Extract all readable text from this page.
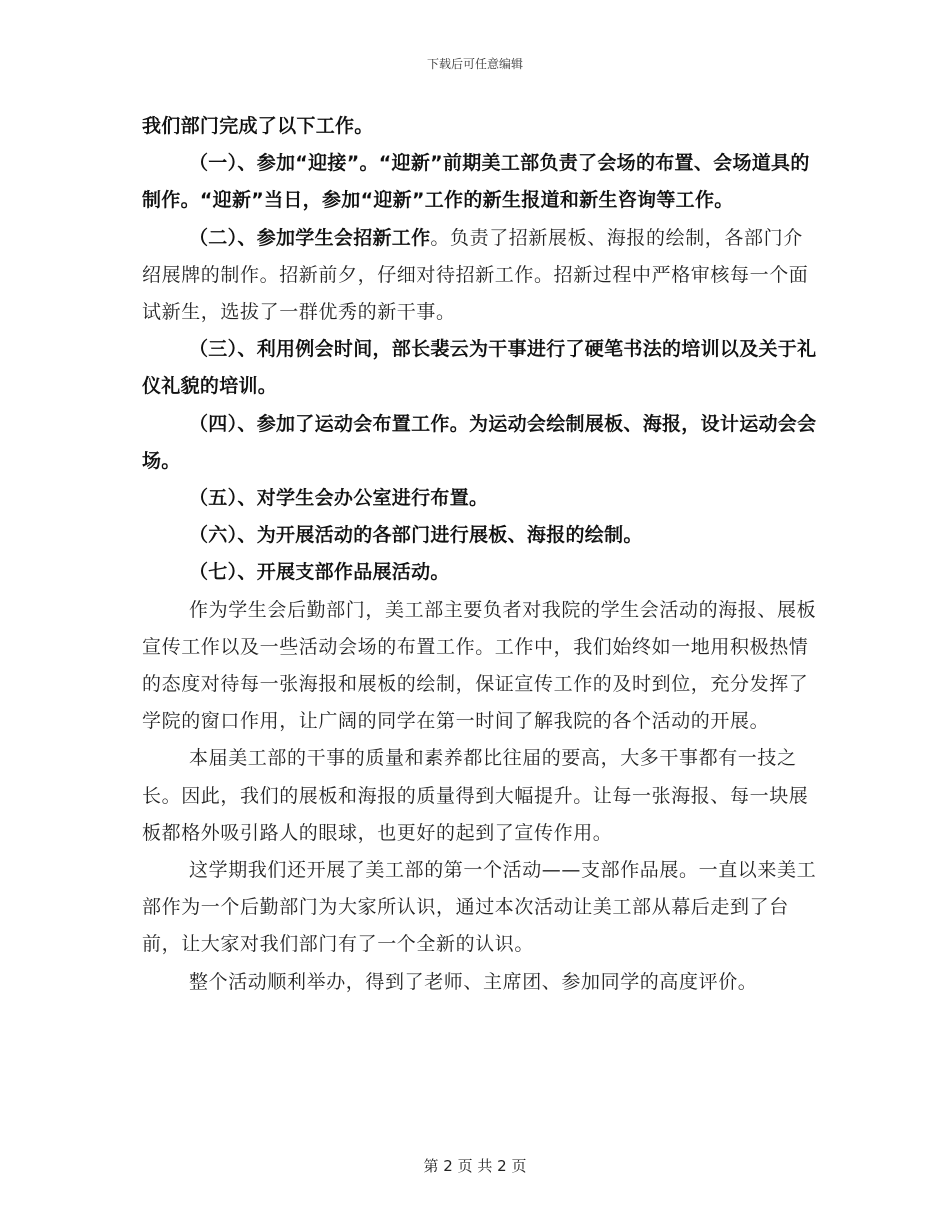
下载后可任意编辑

我们部门完成了以下工作。

（一）、参加“迎接”。“迎新”前期美工部负责了会场的布置、会场道具的制作。“迎新”当日，参加“迎新”工作的新生报道和新生咨询等工作。

（二）、参加学生会招新工作。负责了招新展板、海报的绘制，各部门介绍展牌的制作。招新前夕，仔细对待招新工作。招新过程中严格审核每一个面试新生，选拔了一群优秀的新干事。

（三）、利用例会时间，部长裴云为干事进行了硬笔书法的培训以及关于礼仪礼貌的培训。

（四）、参加了运动会布置工作。为运动会绘制展板、海报，设计运动会会场。

（五）、对学生会办公室进行布置。

（六）、为开展活动的各部门进行展板、海报的绘制。

（七）、开展支部作品展活动。

作为学生会后勤部门，美工部主要负者对我院的学生会活动的海报、展板宣传工作以及一些活动会场的布置工作。工作中，我们始终如一地用积极热情的态度对待每一张海报和展板的绘制，保证宣传工作的及时到位，充分发挥了学院的窗口作用，让广阔的同学在第一时间了解我院的各个活动的开展。

本届美工部的干事的质量和素养都比往届的要高，大多干事都有一技之长。因此，我们的展板和海报的质量得到大幅提升。让每一张海报、每一块展板都格外吸引路人的眼球，也更好的起到了宣传作用。

这学期我们还开展了美工部的第一个活动——支部作品展。一直以来美工部作为一个后勤部门为大家所认识，通过本次活动让美工部从幕后走到了台前，让大家对我们部门有了一个全新的认识。

整个活动顺利举办，得到了老师、主席团、参加同学的高度评价。

第 2 页 共 2 页
